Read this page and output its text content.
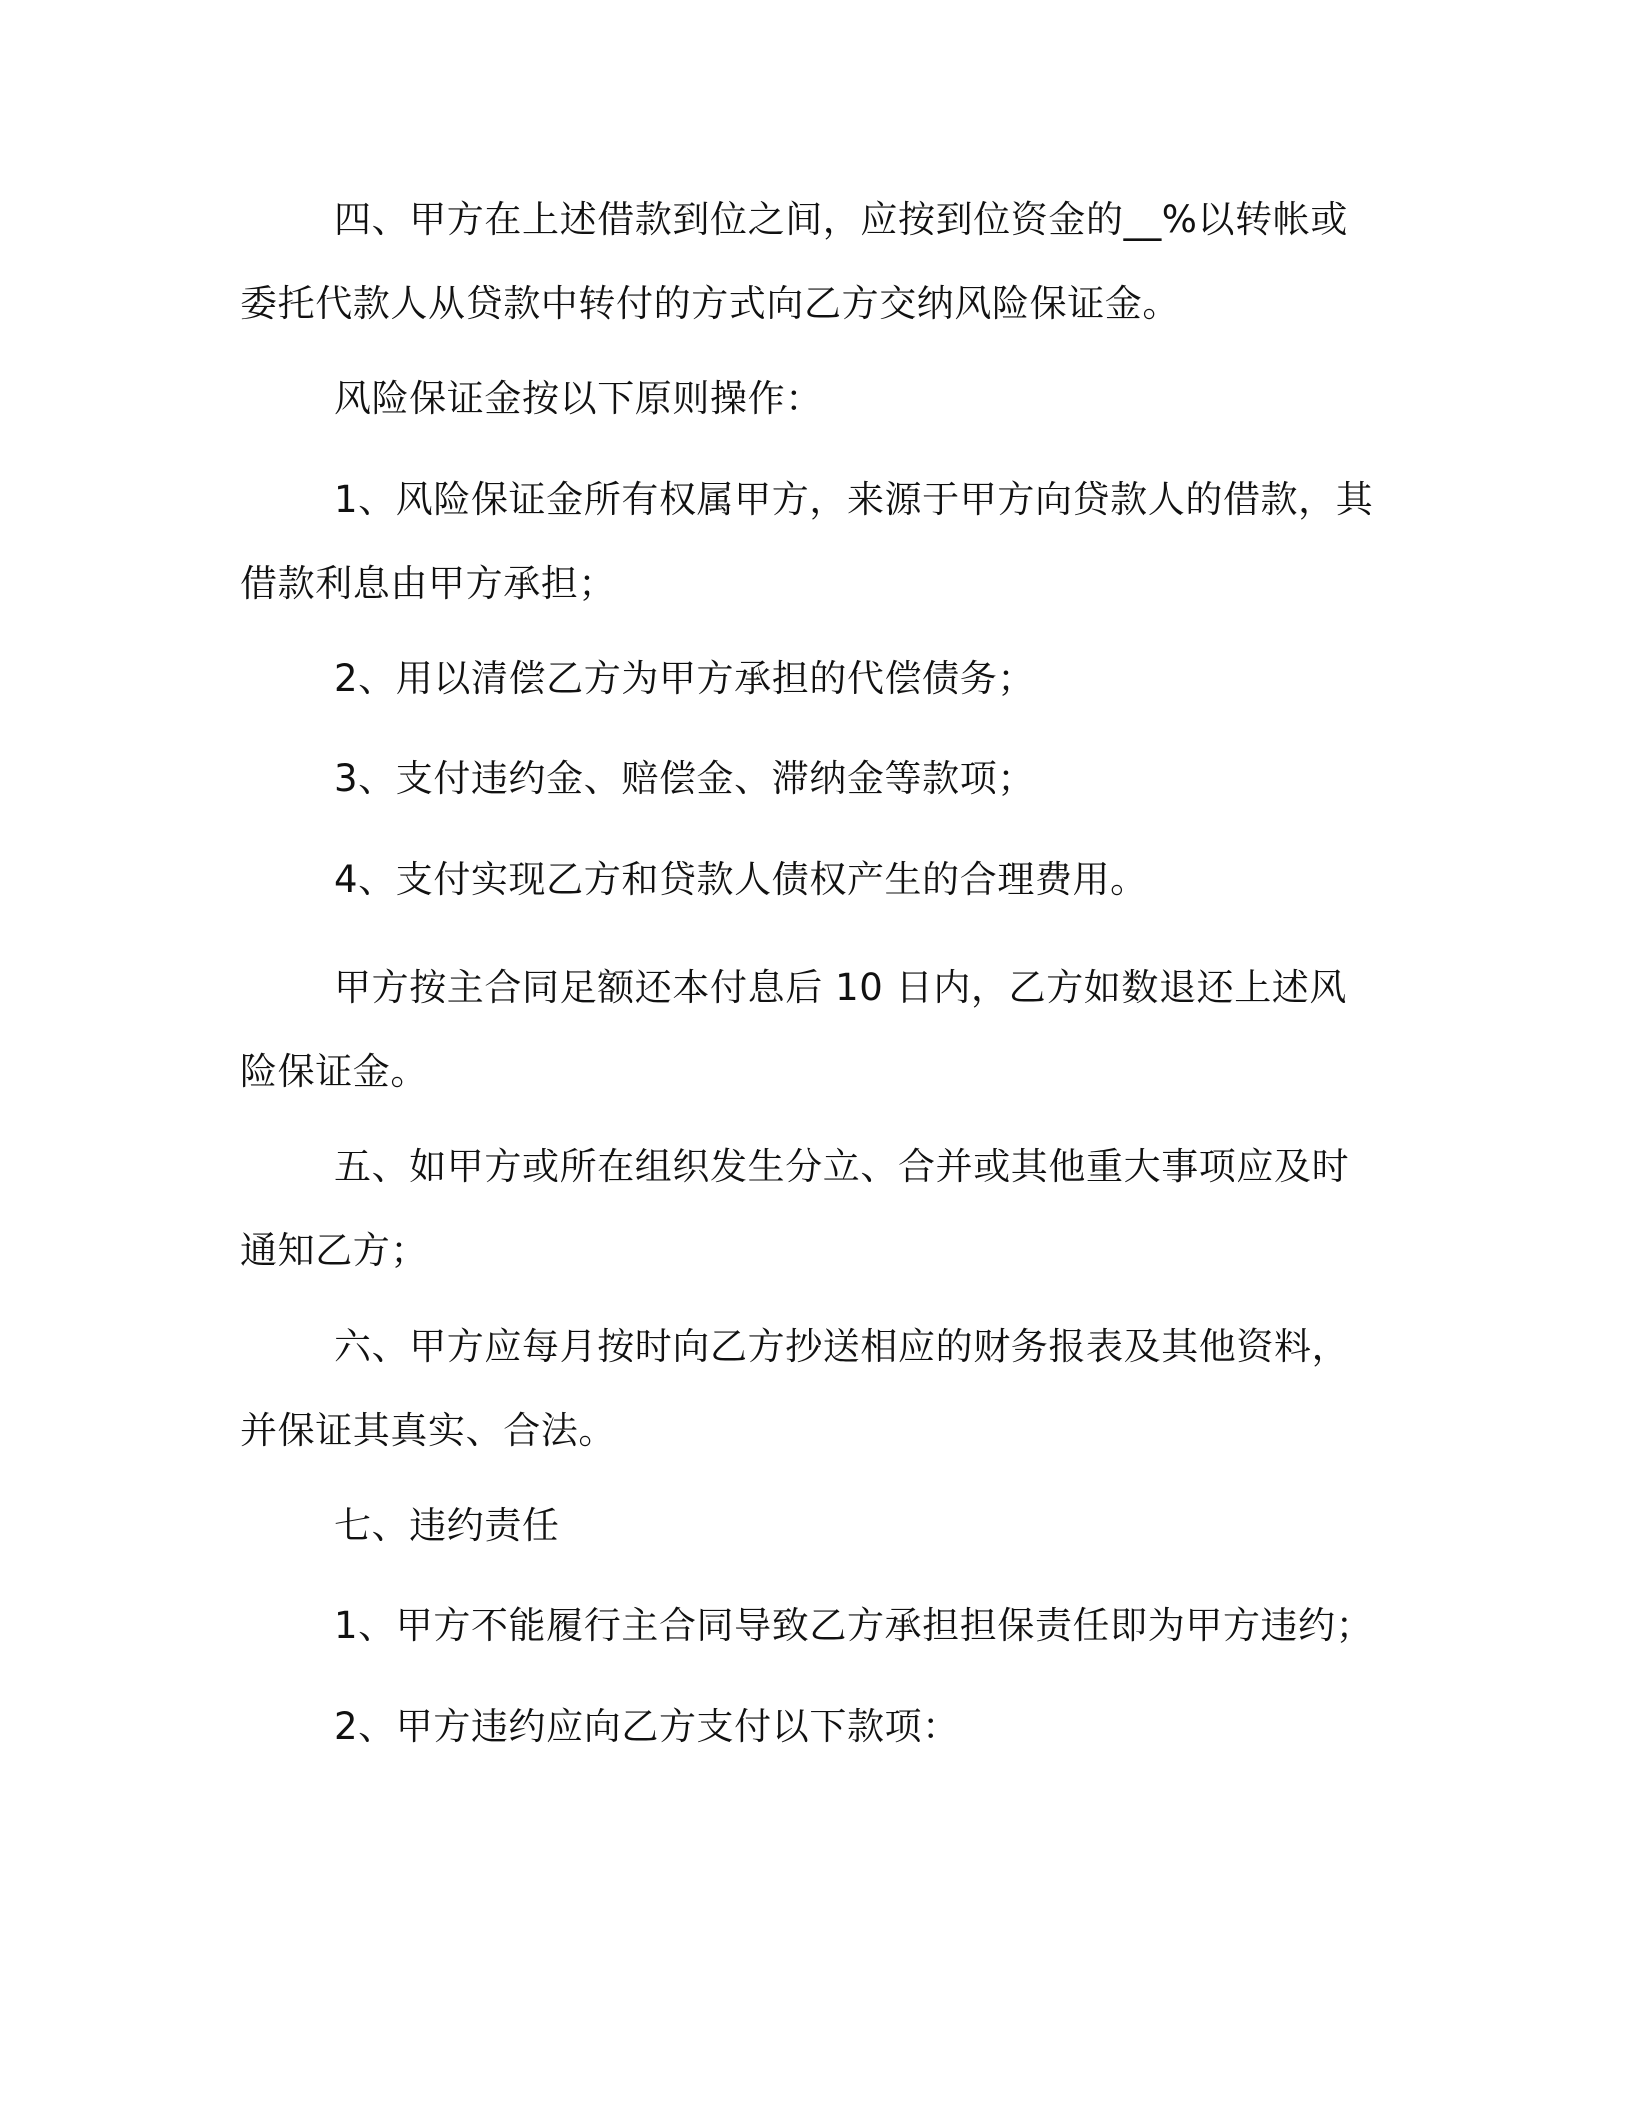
四、甲方在上述借款到位之间，应按到位资金的__%以转帐或委托代款人从贷款中转付的方式向乙方交纳风险保证金。

风险保证金按以下原则操作：

1、风险保证金所有权属甲方，来源于甲方向贷款人的借款，其借款利息由甲方承担；

2、用以清偿乙方为甲方承担的代偿债务；

3、支付违约金、赔偿金、滞纳金等款项；

4、支付实现乙方和贷款人债权产生的合理费用。

甲方按主合同足额还本付息后 10 日内，乙方如数退还上述风险保证金。

五、如甲方或所在组织发生分立、合并或其他重大事项应及时通知乙方；

六、甲方应每月按时向乙方抄送相应的财务报表及其他资料，并保证其真实、合法。

七、违约责任

1、甲方不能履行主合同导致乙方承担担保责任即为甲方违约；

2、甲方违约应向乙方支付以下款项：
